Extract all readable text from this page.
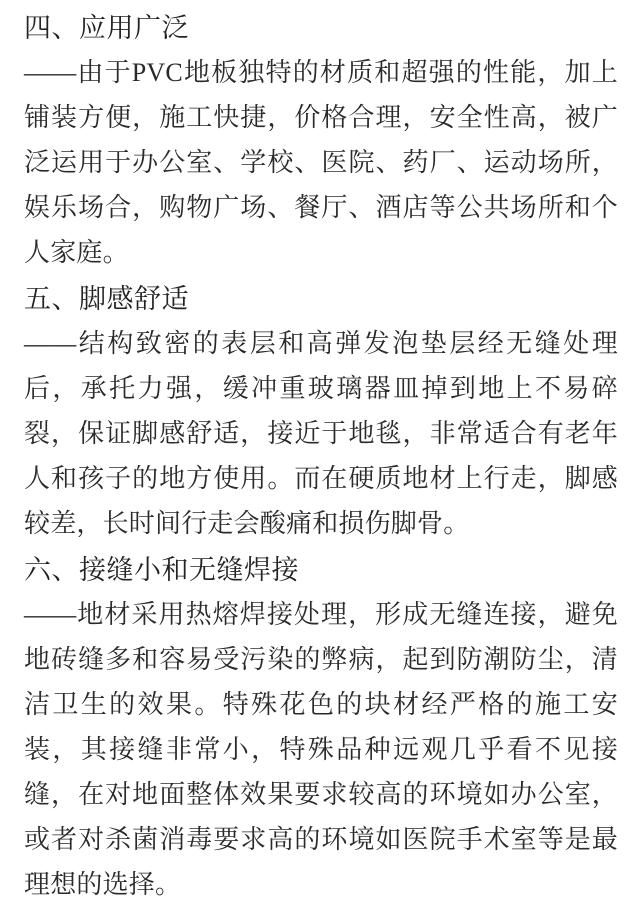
四、应用广泛

――由于PVC地板独特的材质和超强的性能，加上铺装方便，施工快捷，价格合理，安全性高，被广泛运用于办公室、学校、医院、药厂、运动场所，娱乐场合，购物广场、餐厅、酒店等公共场所和个人家庭。

五、脚感舒适

――结构致密的表层和高弹发泡垫层经无缝处理后，承托力强，缓冲重玻璃器皿掉到地上不易碎裂，保证脚感舒适，接近于地毯，非常适合有老年人和孩子的地方使用。而在硬质地材上行走，脚感较差，长时间行走会酸痛和损伤脚骨。

六、接缝小和无缝焊接

――地材采用热熔焊接处理，形成无缝连接，避免地砖缝多和容易受污染的弊病，起到防潮防尘，清洁卫生的效果。特殊花色的块材经严格的施工安装，其接缝非常小，特殊品种远观几乎看不见接缝，在对地面整体效果要求较高的环境如办公室，或者对杀菌消毒要求高的环境如医院手术室等是最理想的选择。
